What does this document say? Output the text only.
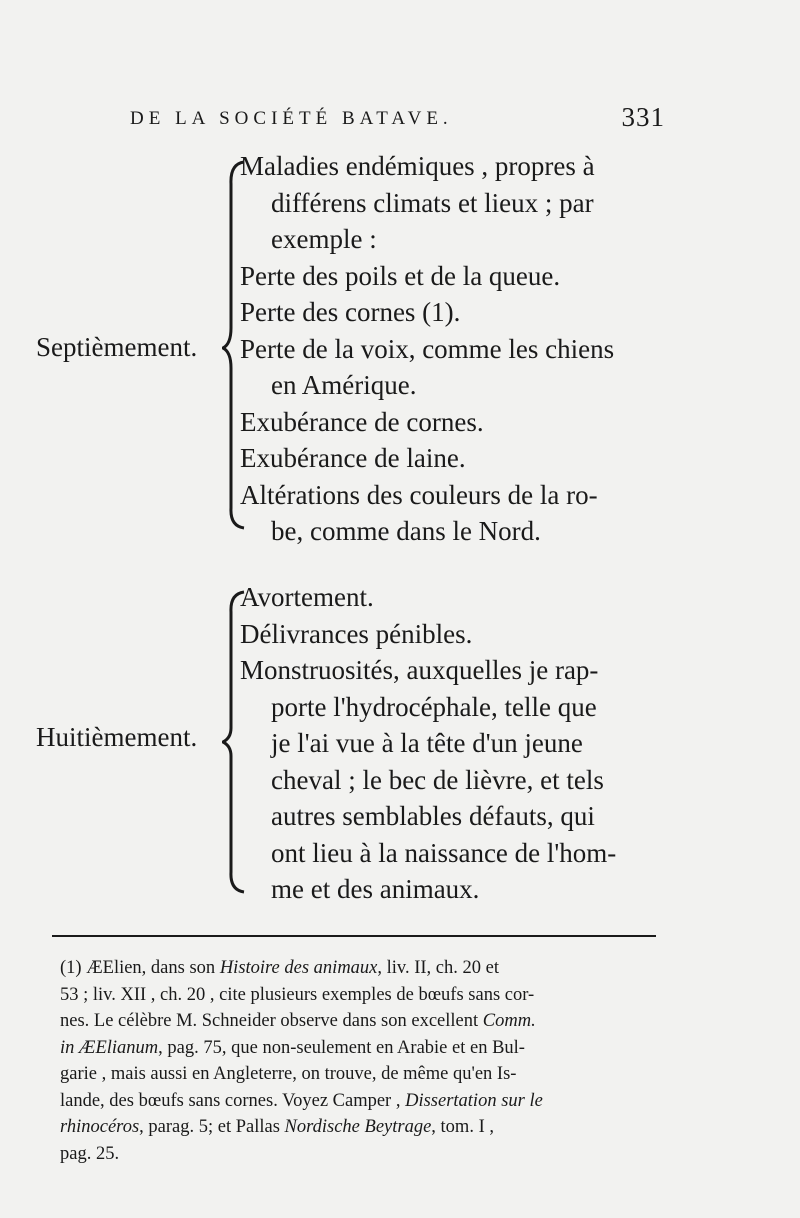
DE LA SOCIÉTÉ BATAVE.	331
Septièmement.
Maladies endémiques , propres à
différens climats et lieux ; par
exemple :
Perte des poils et de la queue.
Perte des cornes (1).
Perte de la voix, comme les chiens
en Amérique.
Exubérance de cornes.
Exubérance de laine.
Altérations des couleurs de la ro-
be, comme dans le Nord.
Huitièmement.
Avortement.
Délivrances pénibles.
Monstruosités, auxquelles je rap-
porte l'hydrocéphale, telle que
je l'ai vue à la tête d'un jeune
cheval ; le bec de lièvre, et tels
autres semblables défauts, qui
ont lieu à la naissance de l'hom-
me et des animaux.
(1) ÆElien, dans son Histoire des animaux, liv. II, ch. 20 et
53 ; liv. XII , ch. 20 , cite plusieurs exemples de bœufs sans cor-
nes. Le célèbre M. Schneider observe dans son excellent Comm.
in ÆElianum, pag. 75, que non-seulement en Arabie et en Bul-
garie , mais aussi en Angleterre, on trouve, de même qu'en Is-
lande, des bœufs sans cornes. Voyez Camper , Dissertation sur le
rhinocéros, parag. 5; et Pallas Nordische Beytrage, tom. I ,
pag. 25.
